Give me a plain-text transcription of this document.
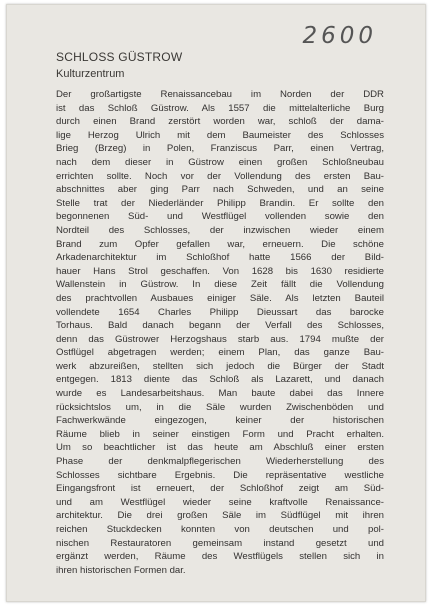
2600
SCHLOSS GÜSTROW
Kulturzentrum
Der großartigste Renaissancebau im Norden der DDR
ist das Schloß Güstrow. Als 1557 die mittelalterliche Burg
durch einen Brand zerstört worden war, schloß der dama-
lige Herzog Ulrich mit dem Baumeister des Schlosses
Brieg (Brzeg) in Polen, Franziscus Parr, einen Vertrag,
nach dem dieser in Güstrow einen großen Schloßneubau
errichten sollte. Noch vor der Vollendung des ersten Bau-
abschnittes aber ging Parr nach Schweden, und an seine
Stelle trat der Niederländer Philipp Brandin. Er sollte den
begonnenen Süd- und Westflügel vollenden sowie den
Nordteil des Schlosses, der inzwischen wieder einem
Brand zum Opfer gefallen war, erneuern. Die schöne
Arkadenarchitektur im Schloßhof hatte 1566 der Bild-
hauer Hans Strol geschaffen. Von 1628 bis 1630 residierte
Wallenstein in Güstrow. In diese Zeit fällt die Vollendung
des prachtvollen Ausbaues einiger Säle. Als letzten Bauteil
vollendete 1654 Charles Philipp Dieussart das barocke
Torhaus. Bald danach begann der Verfall des Schlosses,
denn das Güstrower Herzogshaus starb aus. 1794 mußte der
Ostflügel abgetragen werden; einem Plan, das ganze Bau-
werk abzureißen, stellten sich jedoch die Bürger der Stadt
entgegen. 1813 diente das Schloß als Lazarett, und danach
wurde es Landesarbeitshaus. Man baute dabei das Innere
rücksichtslos um, in die Säle wurden Zwischenböden und
Fachwerkwände eingezogen, keiner der historischen
Räume blieb in seiner einstigen Form und Pracht erhalten.
Um so beachtlicher ist das heute am Abschluß einer ersten
Phase der denkmalpflegerischen Wiederherstellung des
Schlosses sichtbare Ergebnis. Die repräsentative westliche
Eingangsfront ist erneuert, der Schloßhof zeigt am Süd-
und am Westflügel wieder seine kraftvolle Renaissance-
architektur. Die drei großen Säle im Südflügel mit ihren
reichen Stuckdecken konnten von deutschen und pol-
nischen Restauratoren gemeinsam instand gesetzt und
ergänzt werden, Räume des Westflügels stellen sich in
ihren historischen Formen dar.
